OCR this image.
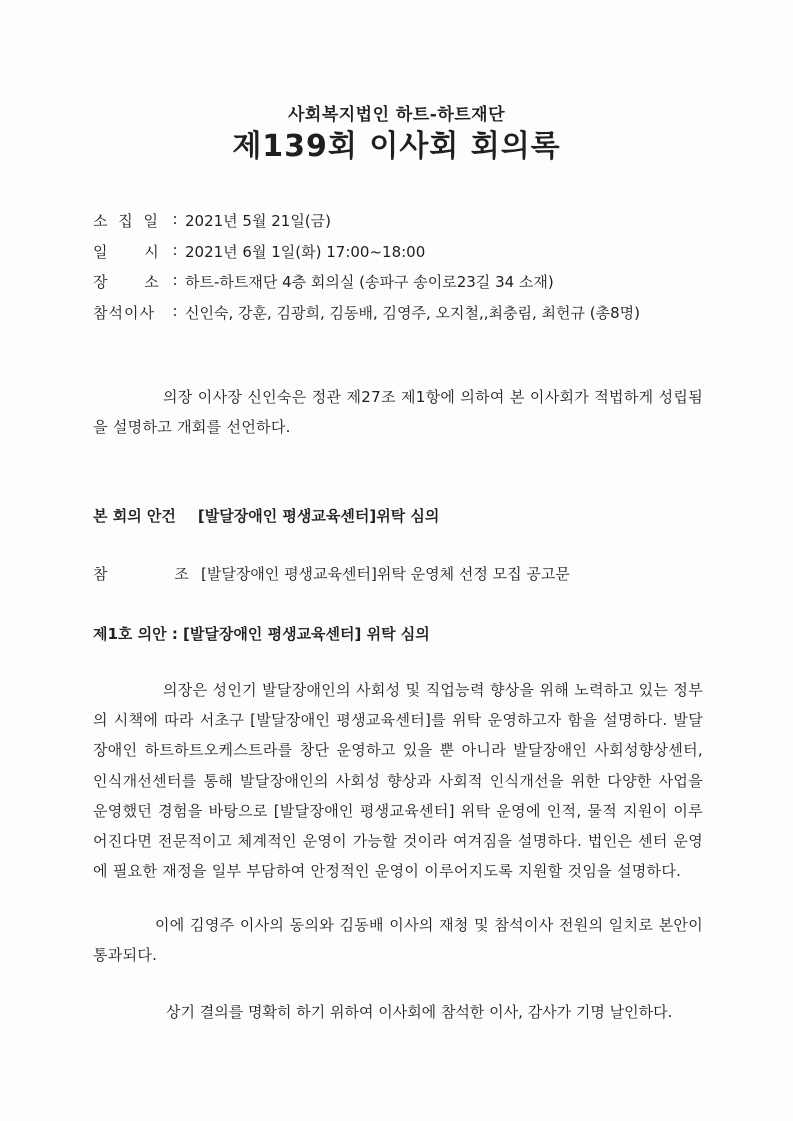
사회복지법인 하트-하트재단
제139회 이사회 회의록
소 집 일 : 2021년 5월 21일(금)
일 시 : 2021년 6월 1일(화) 17:00~18:00
장 소 : 하트-하트재단 4층 회의실 (송파구 송이로23길 34 소재)
참석이사	: 신인숙, 강훈, 김광희, 김동배, 김영주, 오지철,,최충림, 최헌규 (총8명)
의장 이사장 신인숙은 정관 제27조 제1항에 의하여 본 이사회가 적법하게 성립됨을 설명하고 개회를 선언하다.
본 회의 안건 [발달장애인 평생교육센터]위탁 심의
참 조 [발달장애인 평생교육센터]위탁 운영체 선정 모집 공고문
제1호 의안 : [발달장애인 평생교육센터] 위탁 심의
의장은 성인기 발달장애인의 사회성 및 직업능력 향상을 위해 노력하고 있는 정부의 시책에 따라 서초구 [발달장애인 평생교육센터]를 위탁 운영하고자 함을 설명하다. 발달장애인 하트하트오케스트라를 창단 운영하고 있을 뿐 아니라 발달장애인 사회성향상센터, 인식개선센터를 통해 발달장애인의 사회성 향상과 사회적 인식개선을 위한 다양한 사업을 운영했던 경험을 바탕으로 [발달장애인 평생교육센터] 위탁 운영에 인적, 물적 지원이 이루어진다면 전문적이고 체계적인 운영이 가능할 것이라 여겨짐을 설명하다. 법인은 센터 운영에 필요한 재정을 일부 부담하여 안정적인 운영이 이루어지도록 지원할 것임을 설명하다.
이에 김영주 이사의 동의와 김동배 이사의 재청 및 참석이사 전원의 일치로 본안이 통과되다.
상기 결의를 명확히 하기 위하여 이사회에 참석한 이사, 감사가 기명 날인하다.
